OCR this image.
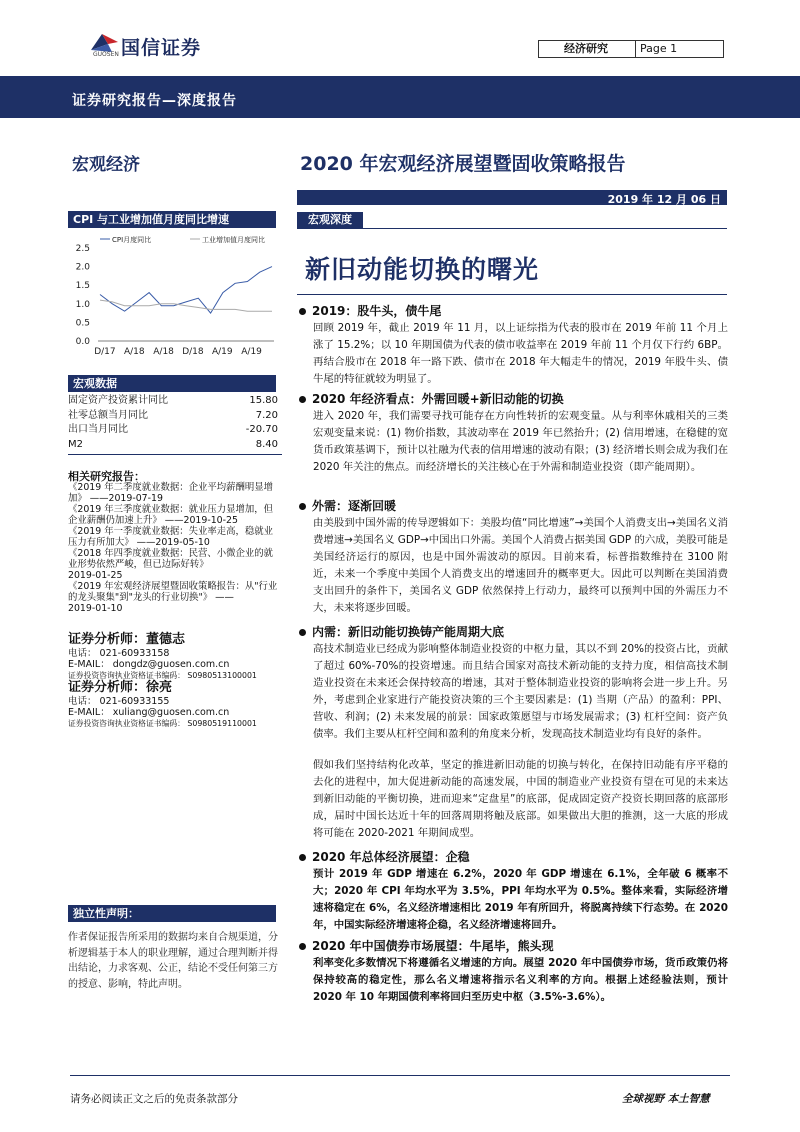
国信证券
GUOSEN	经济研究	Page 1
证券研究报告—深度报告
宏观经济	2020 年宏观经济展望暨固收策略报告
2019 年 12 月 06 日
CPI 与工业增加值月度同比增速
2.5
2.0
1.5
1.0
0.5
0.0
D/17 A/18 A/18 D/18 A/19 A/19
CPI月度同比	工业增加值月度同比
宏观数据
固定资产投资累计同比	15.80
社零总额当月同比	7.20
出口当月同比	-20.70
M2	8.40
相关研究报告：
《2019 年二季度就业数据：企业平均薪酬明显增加》 ——2019-07-19
《2019 年三季度就业数据：就业压力显增加，但企业薪酬仍加速上升》 ——2019-10-25
《2019 年一季度就业数据：失业率走高，稳就业压力有所加大》 ——2019-05-10
《2018 年四季度就业数据：民营、小微企业的就业形势依然严峻，但已边际好转》
2019-01-25
《2019 年宏观经济展望暨固收策略报告：从"行业的龙头聚集"到"龙头的行业切换"》 ——
2019-01-10
证券分析师：董德志
电话： 021-60933158
E-MAIL： dongdz@guosen.com.cn
证券投资咨询执业资格证书编码： S0980513100001
证券分析师：徐亮
电话： 021-60933155
E-MAIL： xuliang@guosen.com.cn
证券投资咨询执业资格证书编码： S0980519110001
独立性声明：
作者保证报告所采用的数据均来自合规渠道，分析逻辑基于本人的职业理解，通过合理判断并得出结论，力求客观、公正，结论不受任何第三方的授意、影响，特此声明。
宏观深度
新旧动能切换的曙光
2019：股牛头，债牛尾
回顾 2019 年，截止 2019 年 11 月，以上证综指为代表的股市在 2019 年前 11 个月上涨了 15.2%；以 10 年期国债为代表的债市收益率在 2019 年前 11 个月仅下行约 6BP。再结合股市在 2018 年一路下跌、债市在 2018 年大幅走牛的情况，2019 年股牛头、债牛尾的特征就较为明显了。
2020 年经济看点：外需回暖+新旧动能的切换
进入 2020 年，我们需要寻找可能存在方向性转折的宏观变量。从与利率休戚相关的三类宏观变量来说：(1) 物价指数，其波动率在 2019 年已然抬升；(2) 信用增速，在稳健的宽货币政策基调下，预计以社融为代表的信用增速的波动有限；(3) 经济增长则会成为我们在 2020 年关注的焦点。而经济增长的关注核心在于外需和制造业投资（即产能周期）。
外需：逐渐回暖
由美股到中国外需的传导逻辑如下：美股均值“同比增速”→美国个人消费支出→美国名义消费增速→美国名义 GDP→中国出口外需。美国个人消费占据美国 GDP 的六成，美股可能是美国经济运行的原因，也是中国外需波动的原因。目前来看，标普指数维持在 3100 附近，未来一个季度中美国个人消费支出的增速回升的概率更大。因此可以判断在美国消费支出回升的条件下，美国名义 GDP 依然保持上行动力，最终可以预判中国的外需压力不大，未来将逐步回暖。
内需：新旧动能切换铸产能周期大底
高技术制造业已经成为影响整体制造业投资的中枢力量，其以不到 20%的投资占比，贡献了超过 60%-70%的投资增速。而且结合国家对高技术新动能的支持力度，相信高技术制造业投资在未来还会保持较高的增速，其对于整体制造业投资的影响将会进一步上升。另外，考虑到企业家进行产能投资决策的三个主要因素是：(1) 当期（产品）的盈利：PPI、营收、利润；(2) 未来发展的前景：国家政策愿望与市场发展需求；(3) 杠杆空间：资产负债率。我们主要从杠杆空间和盈利的角度来分析，发现高技术制造业均有良好的条件。
假如我们坚持结构化改革，坚定的推进新旧动能的切换与转化，在保持旧动能有序平稳的去化的进程中，加大促进新动能的高速发展，中国的制造业产业投资有望在可见的未来达到新旧动能的平衡切换，进而迎来“定盘星”的底部，促成固定资产投资长期回落的底部形成，届时中国长达近十年的回落周期将触及底部。如果做出大胆的推测，这一大底的形成将可能在 2020-2021 年期间成型。
2020 年总体经济展望：企稳
预计 2019 年 GDP 增速在 6.2%，2020 年 GDP 增速在 6.1%，全年破 6 概率不大；2020 年 CPI 年均水平为 3.5%，PPI 年均水平为 0.5%。整体来看，实际经济增速将稳定在 6%，名义经济增速相比 2019 年有所回升，将脱离持续下行态势。在 2020 年，中国实际经济增速将企稳，名义经济增速将回升。
2020 年中国债券市场展望：牛尾毕，熊头现
利率变化多数情况下将遵循名义增速的方向。展望 2020 年中国债券市场，货币政策仍将保持较高的稳定性，那么名义增速将指示名义利率的方向。根据上述经验法则，预计 2020 年 10 年期国债利率将回归至历史中枢（3.5%-3.6%）。
请务必阅读正文之后的免责条款部分	全球视野 本土智慧
